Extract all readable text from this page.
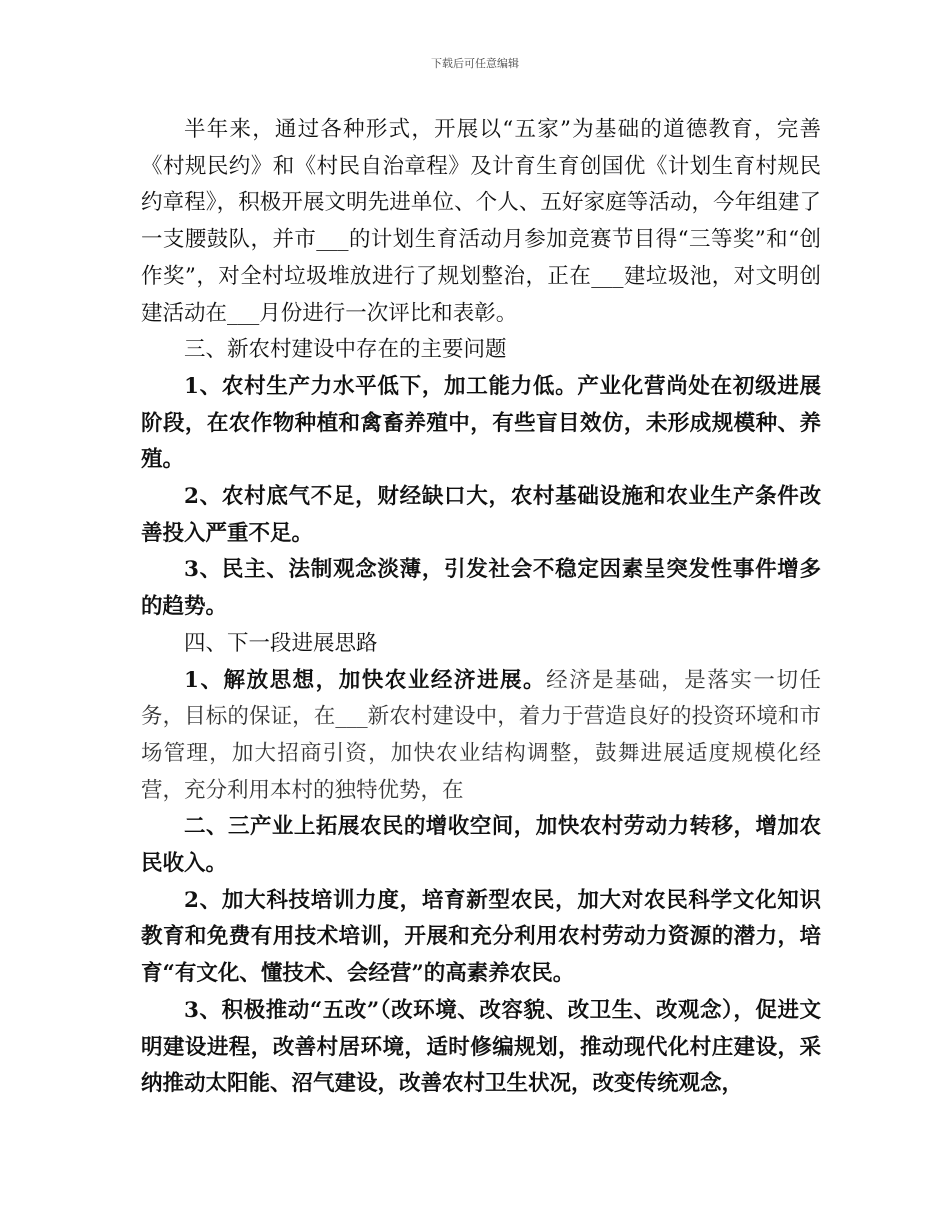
下载后可任意编辑

半年来，通过各种形式，开展以“五家”为基础的道德教育，完善《村规民约》和《村民自治章程》及计育生育创国优《计划生育村规民约章程》，积极开展文明先进单位、个人、五好家庭等活动，今年组建了一支腰鼓队，并市___的计划生育活动月参加竞赛节目得“三等奖”和“创作奖”，对全村垃圾堆放进行了规划整治，正在___建垃圾池，对文明创建活动在___月份进行一次评比和表彰。

三、新农村建设中存在的主要问题

1、农村生产力水平低下，加工能力低。产业化营尚处在初级进展阶段，在农作物种植和禽畜养殖中，有些盲目效仿，未形成规模种、养殖。

2、农村底气不足，财经缺口大，农村基础设施和农业生产条件改善投入严重不足。

3、民主、法制观念淡薄，引发社会不稳定因素呈突发性事件增多的趋势。

四、下一段进展思路

1、解放思想，加快农业经济进展。经济是基础，是落实一切任务，目标的保证，在___新农村建设中，着力于营造良好的投资环境和市场管理，加大招商引资，加快农业结构调整，鼓舞进展适度规模化经营，充分利用本村的独特优势，在

二、三产业上拓展农民的增收空间，加快农村劳动力转移，增加农民收入。

2、加大科技培训力度，培育新型农民，加大对农民科学文化知识教育和免费有用技术培训，开展和充分利用农村劳动力资源的潜力，培育“有文化、懂技术、会经营”的高素养农民。

3、积极推动“五改”（改环境、改容貌、改卫生、改观念），促进文明建设进程，改善村居环境，适时修编规划，推动现代化村庄建设，采纳推动太阳能、沼气建设，改善农村卫生状况，改变传统观念，
